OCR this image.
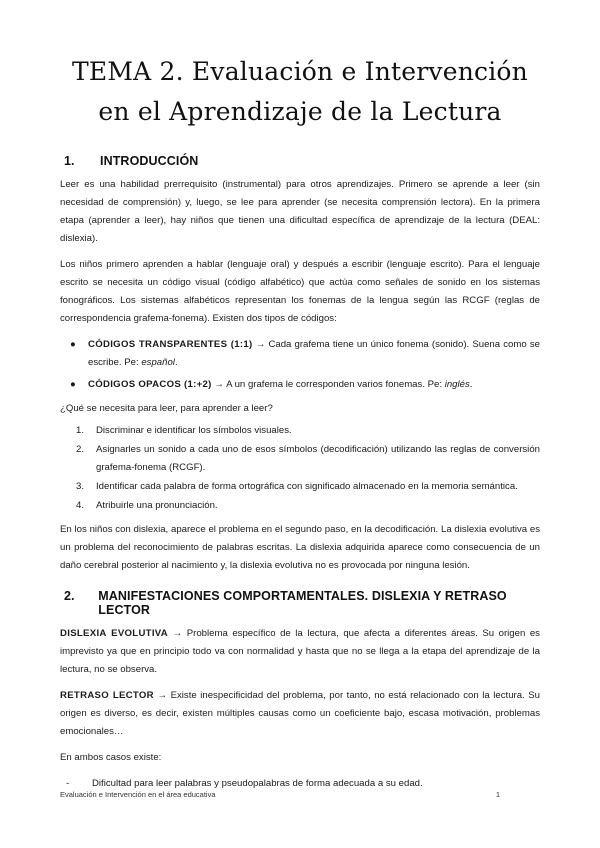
TEMA 2. Evaluación e Intervención en el Aprendizaje de la Lectura
1.	INTRODUCCIÓN

Leer es una habilidad prerrequisito (instrumental) para otros aprendizajes. Primero se aprende a leer (sin necesidad de comprensión) y, luego, se lee para aprender (se necesita comprensión lectora). En la primera etapa (aprender a leer), hay niños que tienen una dificultad específica de aprendizaje de la lectura (DEAL: dislexia).

Los niños primero aprenden a hablar (lenguaje oral) y después a escribir (lenguaje escrito). Para el lenguaje escrito se necesita un código visual (código alfabético) que actúa como señales de sonido en los sistemas fonográficos. Los sistemas alfabéticos representan los fonemas de la lengua según las RCGF (reglas de correspondencia grafema-fonema). Existen dos tipos de códigos:

● CÓDIGOS TRANSPARENTES (1:1) → Cada grafema tiene un único fonema (sonido). Suena como se escribe. Pe: español.
● CÓDIGOS OPACOS (1:+2) → A un grafema le corresponden varios fonemas. Pe: inglés.

¿Qué se necesita para leer, para aprender a leer?

1. Discriminar e identificar los símbolos visuales.
2. Asignarles un sonido a cada uno de esos símbolos (decodificación) utilizando las reglas de conversión grafema-fonema (RCGF).
3. Identificar cada palabra de forma ortográfica con significado almacenado en la memoria semántica.
4. Atribuirle una pronunciación.

En los niños con dislexia, aparece el problema en el segundo paso, en la decodificación. La dislexia evolutiva es un problema del reconocimiento de palabras escritas. La dislexia adquirida aparece como consecuencia de un daño cerebral posterior al nacimiento y, la dislexia evolutiva no es provocada por ninguna lesión.

2.	MANIFESTACIONES COMPORTAMENTALES. DISLEXIA Y RETRASO LECTOR

DISLEXIA EVOLUTIVA → Problema específico de la lectura, que afecta a diferentes áreas. Su origen es imprevisto ya que en principio todo va con normalidad y hasta que no se llega a la etapa del aprendizaje de la lectura, no se observa.

RETRASO LECTOR → Existe inespecificidad del problema, por tanto, no está relacionado con la lectura. Su origen es diverso, es decir, existen múltiples causas como un coeficiente bajo, escasa motivación, problemas emocionales…

En ambos casos existe:

- Dificultad para leer palabras y pseudopalabras de forma adecuada a su edad.
Evaluación e Intervención en el área educativa	1
